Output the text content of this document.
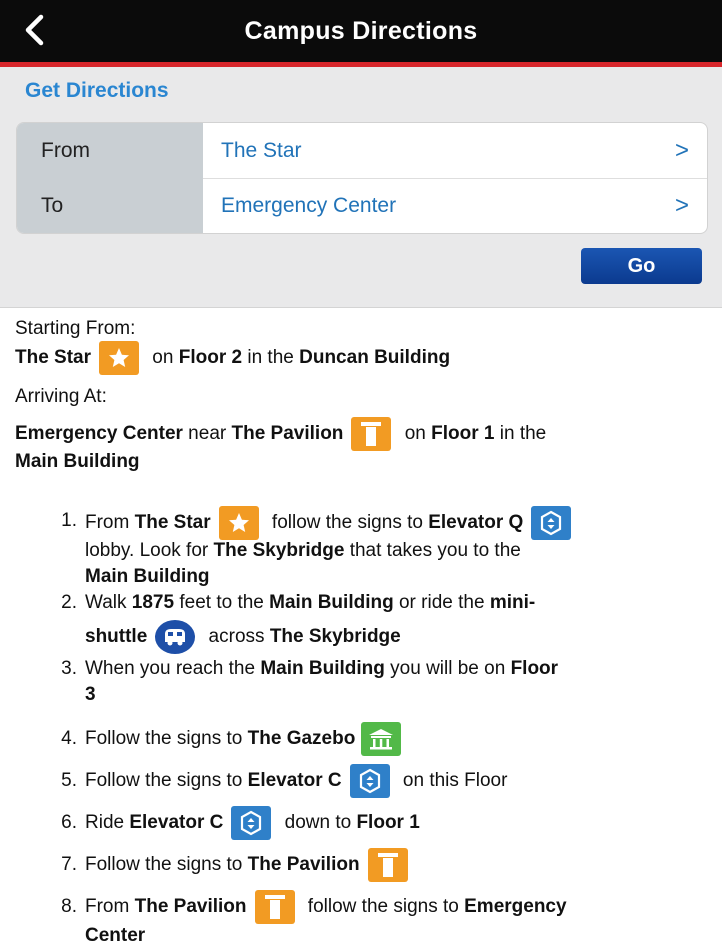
Campus Directions
Get Directions
From	The Star	>
To	Emergency Center	>
Go
Starting From:
The Star	on Floor 2 in the Duncan Building
Arriving At:
Emergency Center near The Pavilion	on Floor 1 in the
Main Building
1. From The Star	follow the signs to Elevator Q
lobby. Look for The Skybridge that takes you to the
Main Building
2. Walk 1875 feet to the Main Building or ride the mini-
shuttle	across The Skybridge
3. When you reach the Main Building you will be on Floor
3
4. Follow the signs to The Gazebo
5. Follow the signs to Elevator C	on this Floor
6. Ride Elevator C	down to Floor 1
7. Follow the signs to The Pavilion
8. From The Pavilion	follow the signs to Emergency
Center
